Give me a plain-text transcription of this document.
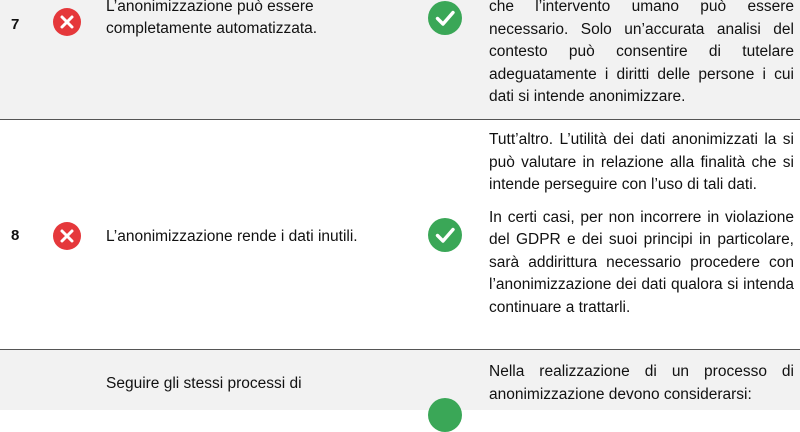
7
L’anonimizzazione può essere completamente automatizzata.

che l’intervento umano può essere necessario. Solo un’accurata analisi del contesto può consentire di tutelare adeguatamente i diritti delle persone i cui dati si intende anonimizzare.

8	L’anonimizzazione rende i dati inutili.

Tutt’altro. L’utilità dei dati anonimizzati la si può valutare in relazione alla finalità che si intende perseguire con l’uso di tali dati.

In certi casi, per non incorrere in violazione del GDPR e dei suoi principi in particolare, sarà addirittura necessario procedere con l’anonimizzazione dei dati qualora si intenda continuare a trattarli.

Seguire gli stessi processi di

Nella realizzazione di un processo di anonimizzazione devono considerarsi:
